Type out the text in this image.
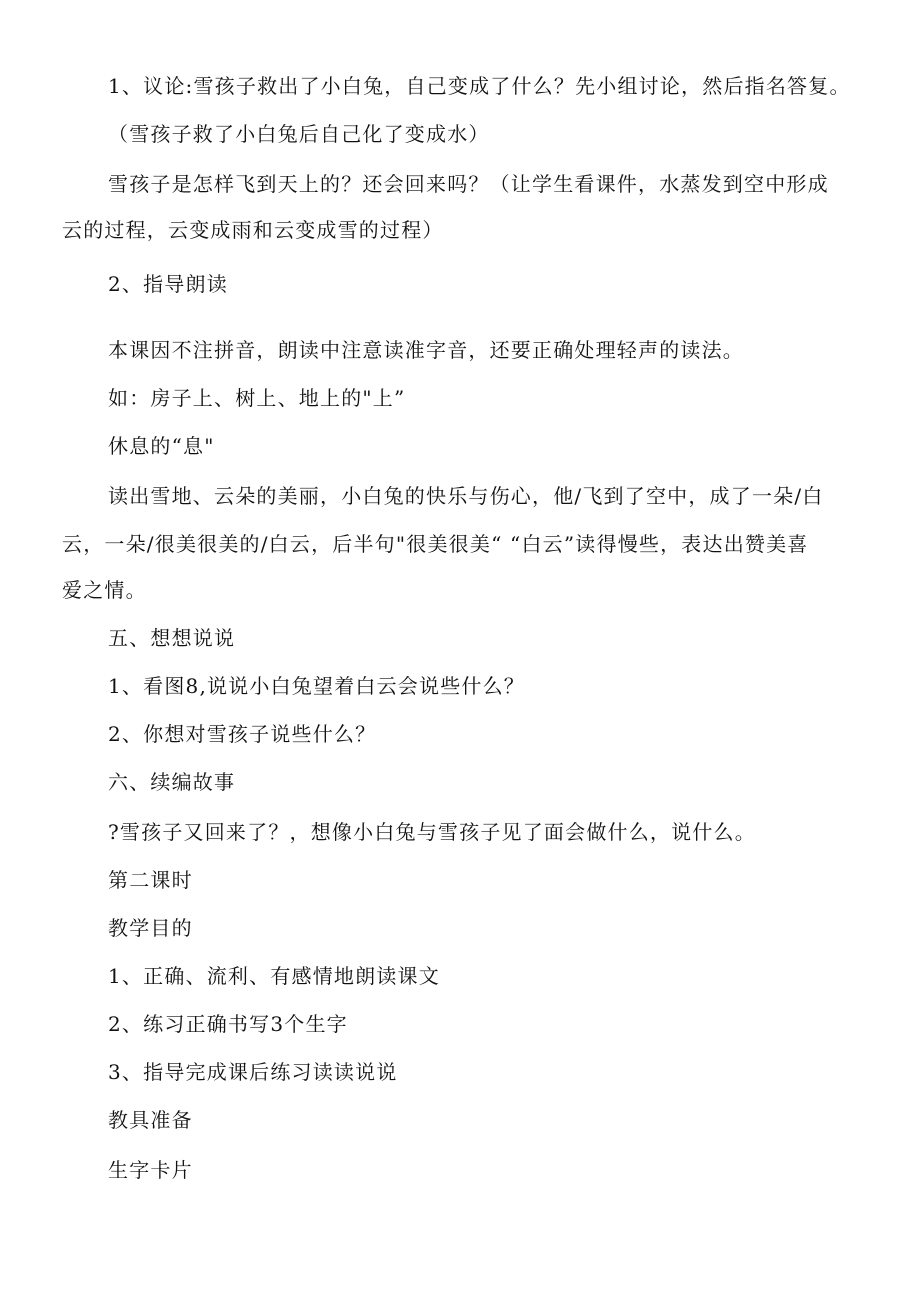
1、议论:雪孩子救出了小白兔，自己变成了什么？先小组讨论，然后指名答复。
（雪孩子救了小白兔后自己化了变成水）
雪孩子是怎样飞到天上的？还会回来吗？（让学生看课件，水蒸发到空中形成
云的过程，云变成雨和云变成雪的过程）
2、指导朗读
本课因不注拼音，朗读中注意读准字音，还要正确处理轻声的读法。
如：房子上、树上、地上的"上”
休息的“息"
读出雪地、云朵的美丽，小白兔的快乐与伤心，他/飞到了空中，成了一朵/白
云，一朵/很美很美的/白云，后半句"很美很美“ “白云”读得慢些，表达出赞美喜
爱之情。
五、想想说说
1、看图8,说说小白兔望着白云会说些什么？
2、你想对雪孩子说些什么？
六、续编故事
?雪孩子又回来了？，想像小白兔与雪孩子见了面会做什么，说什么。
第二课时
教学目的
1、正确、流利、有感情地朗读课文
2、练习正确书写3个生字
3、指导完成课后练习读读说说
教具准备
生字卡片
